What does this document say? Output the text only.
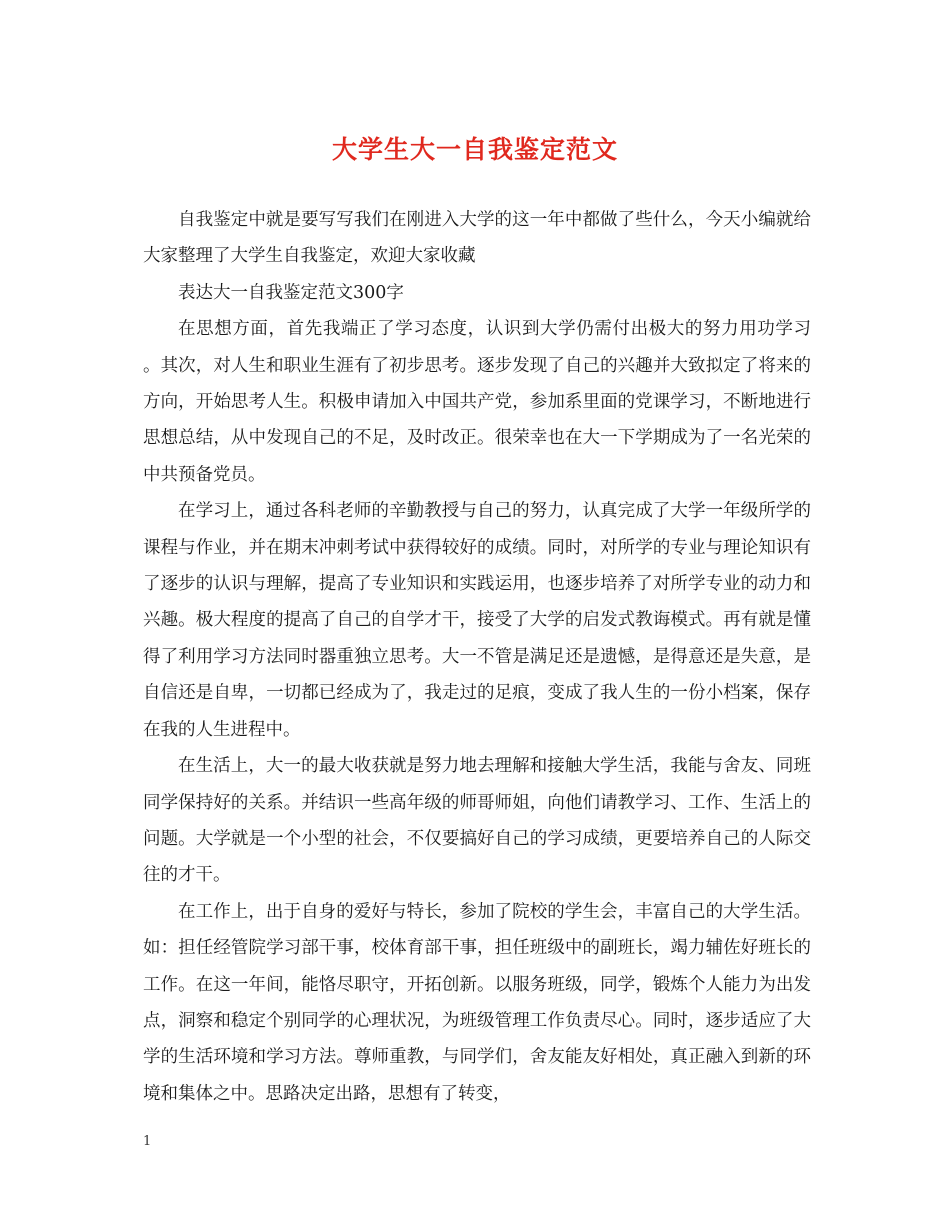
大学生大一自我鉴定范文

自我鉴定中就是要写写我们在刚进入大学的这一年中都做了些什么，今天小编就给大家整理了大学生自我鉴定，欢迎大家收藏

表达大一自我鉴定范文300字

在思想方面，首先我端正了学习态度，认识到大学仍需付出极大的努力用功学习 。其次，对人生和职业生涯有了初步思考。逐步发现了自己的兴趣并大致拟定了将来的方向，开始思考人生。积极申请加入中国共产党，参加系里面的党课学习，不断地进行思想总结，从中发现自己的不足，及时改正。很荣幸也在大一下学期成为了一名光荣的中共预备党员。

在学习上，通过各科老师的辛勤教授与自己的努力，认真完成了大学一年级所学的课程与作业，并在期末冲刺考试中获得较好的成绩。同时，对所学的专业与理论知识有了逐步的认识与理解，提高了专业知识和实践运用，也逐步培养了对所学专业的动力和兴趣。极大程度的提高了自己的自学才干，接受了大学的启发式教诲模式。再有就是懂得了利用学习方法同时器重独立思考。大一不管是满足还是遗憾，是得意还是失意，是自信还是自卑，一切都已经成为了，我走过的足痕，变成了我人生的一份小档案，保存在我的人生进程中。

在生活上，大一的最大收获就是努力地去理解和接触大学生活，我能与舍友、同班同学保持好的关系。并结识一些高年级的师哥师姐，向他们请教学习、工作、生活上的问题。大学就是一个小型的社会，不仅要搞好自己的学习成绩，更要培养自己的人际交往的才干。

在工作上，出于自身的爱好与特长，参加了院校的学生会，丰富自己的大学生活。如：担任经管院学习部干事，校体育部干事，担任班级中的副班长，竭力辅佐好班长的工作。在这一年间，能恪尽职守，开拓创新。以服务班级，同学，锻炼个人能力为出发点，洞察和稳定个别同学的心理状况，为班级管理工作负责尽心。同时，逐步适应了大学的生活环境和学习方法。尊师重教，与同学们，舍友能友好相处，真正融入到新的环境和集体之中。思路决定出路，思想有了转变，

1
